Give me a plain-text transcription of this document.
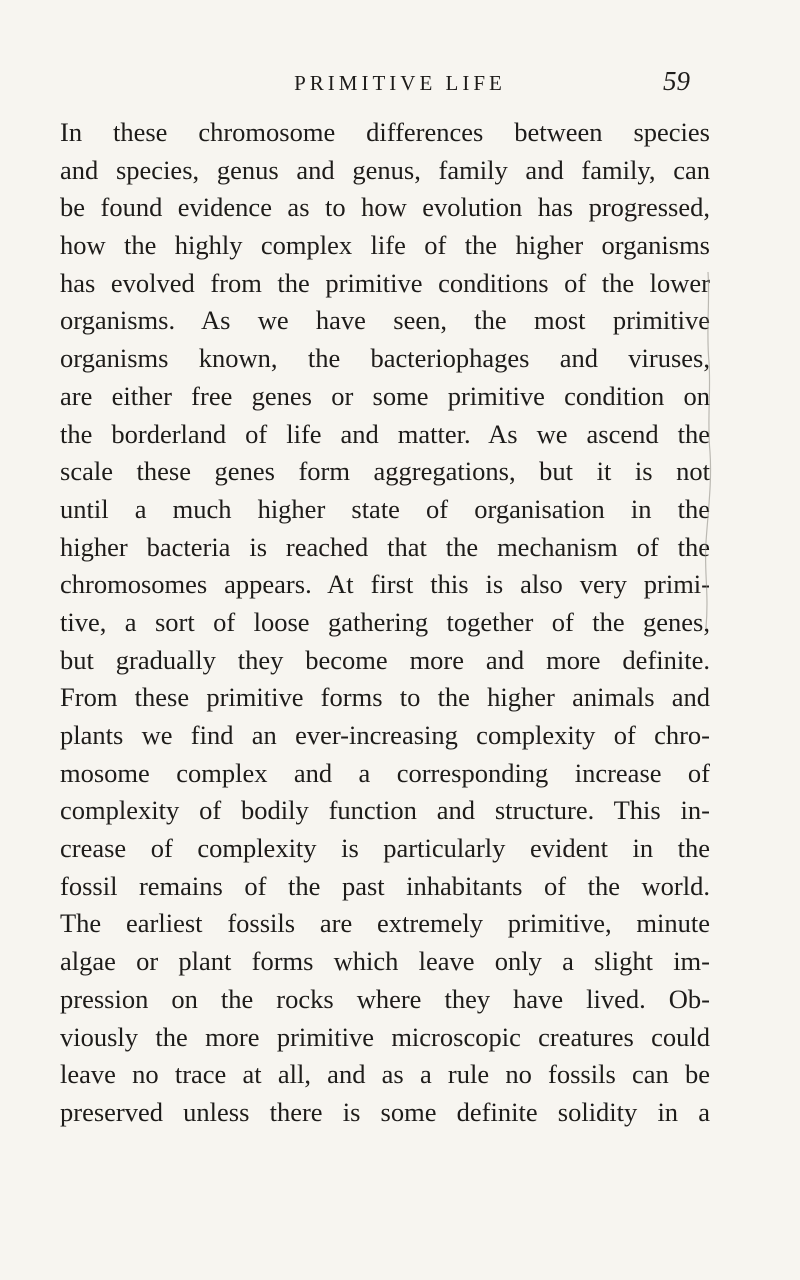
PRIMITIVE LIFE	59
In these chromosome differences between species
and species, genus and genus, family and family, can
be found evidence as to how evolution has progressed,
how the highly complex life of the higher organisms
has evolved from the primitive conditions of the lower
organisms. As we have seen, the most primitive
organisms known, the bacteriophages and viruses,
are either free genes or some primitive condition on
the borderland of life and matter. As we ascend the
scale these genes form aggregations, but it is not
until a much higher state of organisation in the
higher bacteria is reached that the mechanism of the
chromosomes appears. At first this is also very primi-
tive, a sort of loose gathering together of the genes,
but gradually they become more and more definite.
From these primitive forms to the higher animals and
plants we find an ever-increasing complexity of chro-
mosome complex and a corresponding increase of
complexity of bodily function and structure. This in-
crease of complexity is particularly evident in the
fossil remains of the past inhabitants of the world.
The earliest fossils are extremely primitive, minute
algae or plant forms which leave only a slight im-
pression on the rocks where they have lived. Ob-
viously the more primitive microscopic creatures could
leave no trace at all, and as a rule no fossils can be
preserved unless there is some definite solidity in a
